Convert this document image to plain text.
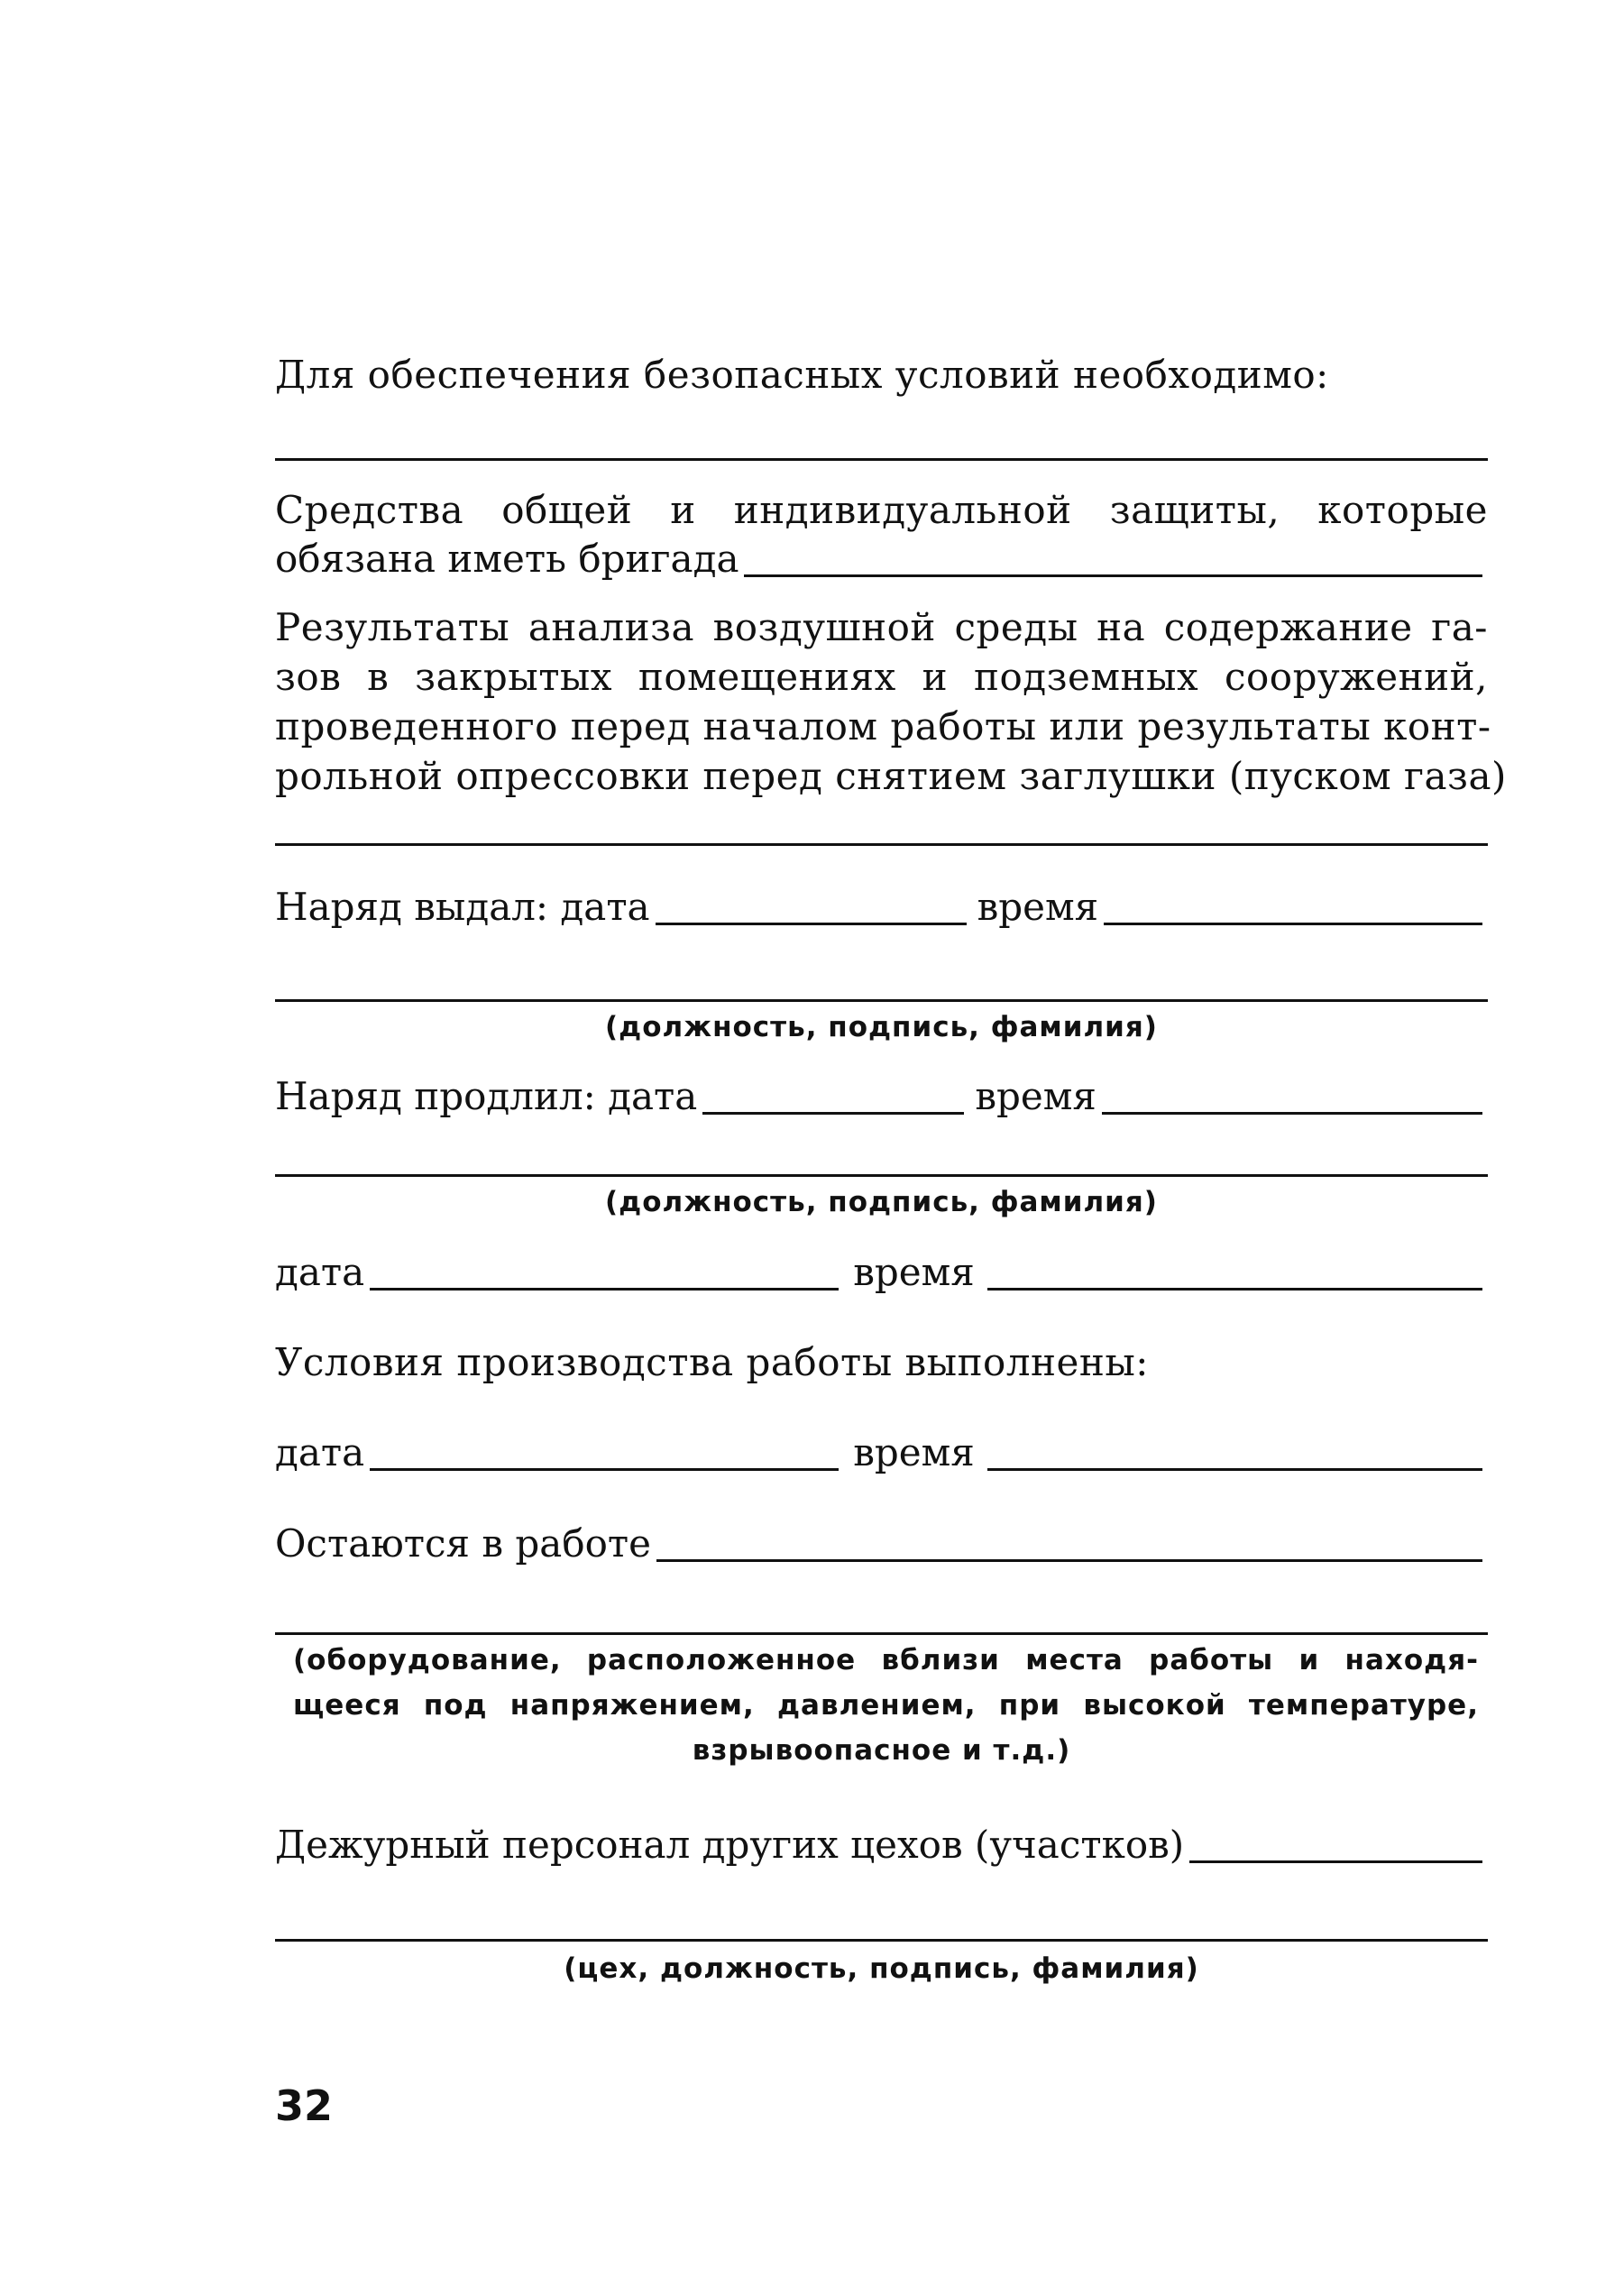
Для обеспечения безопасных условий необходимо:
Средства общей и индивидуальной защиты, которые
обязана иметь бригада
Результаты анализа воздушной среды на содержание га-
зов в закрытых помещениях и подземных сооружений,
проведенного перед началом работы или результаты конт-
рольной опрессовки перед снятием заглушки (пуском газа)
Наряд выдал: дата	время
(должность, подпись, фамилия)
Наряд продлил: дата	время
(должность, подпись, фамилия)
дата	время
Условия производства работы выполнены:
дата	время
Остаются в работе
(оборудование, расположенное вблизи места работы и находя-
щееся под напряжением, давлением, при высокой температуре,
взрывоопасное и т.д.)
Дежурный персонал других цехов (участков)
(цех, должность, подпись, фамилия)
32
